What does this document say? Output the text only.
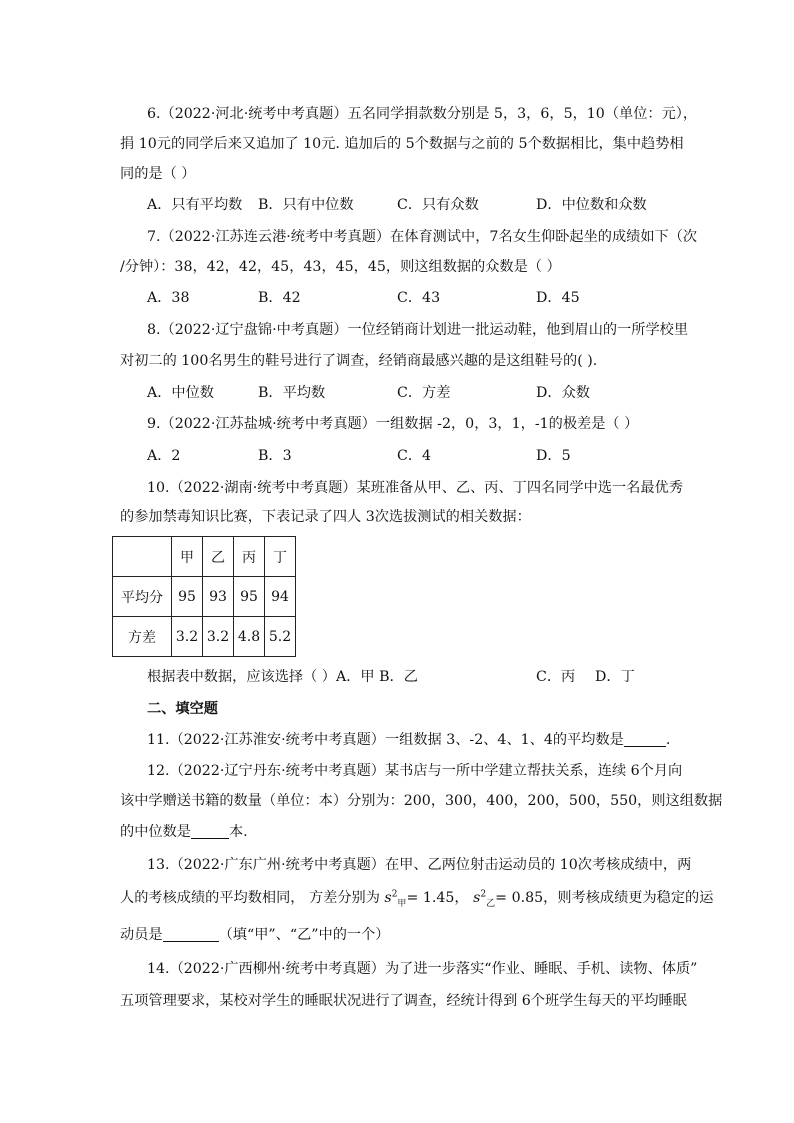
6.（2022·河北·统考中考真题）五名同学捐款数分别是 5，3，6，5，10（单位：元），
捐 10元的同学后来又追加了 10元. 追加后的 5个数据与之前的 5个数据相比，集中趋势相
同的是（ ）
A．只有平均数 B．只有中位数	C．只有众数	D．中位数和众数
7.（2022·江苏连云港·统考中考真题）在体育测试中，7名女生仰卧起坐的成绩如下（次
/分钟）：38，42，42，45，43，45，45，则这组数据的众数是（ ）
A．38	B．42	C．43	D．45
8.（2022·辽宁盘锦·中考真题）一位经销商计划进一批运动鞋，他到眉山的一所学校里
对初二的 100名男生的鞋号进行了调查，经销商最感兴趣的是这组鞋号的( ).
A．中位数	B．平均数	C．方差	D．众数
9.（2022·江苏盐城·统考中考真题）一组数据 -2，0，3，1，-1的极差是（ ）
A．2	B．3	C．4	D．5
10.（2022·湖南·统考中考真题）某班准备从甲、乙、丙、丁四名同学中选一名最优秀
的参加禁毒知识比赛，下表记录了四人 3次选拔测试的相关数据：
	甲	乙	丙	丁
平均分	95	93	95	94
方差	3.2	3.2	4.8	5.2
根据表中数据，应该选择（ ）A．甲 B．乙	C．丙 D．丁
二、填空题
11.（2022·江苏淮安·统考中考真题）一组数据 3、-2、4、1、4的平均数是	.
12.（2022·辽宁丹东·统考中考真题）某书店与一所中学建立帮扶关系，连续 6个月向
该中学赠送书籍的数量（单位：本）分别为：200，300，400，200，500，550，则这组数据
的中位数是	本.
13.（2022·广东广州·统考中考真题）在甲、乙两位射击运动员的 10次考核成绩中，两
人的考核成绩的平均数相同， 方差分别为 $s^2_甲= 1.45$， $s^2_乙= 0.85$，则考核成绩更为稳定的运
动员是	（填“甲”、“乙”中的一个）
14.（2022·广西柳州·统考中考真题）为了进一步落实“作业、睡眠、手机、读物、体质”
五项管理要求，某校对学生的睡眠状况进行了调查，经统计得到 6个班学生每天的平均睡眠
